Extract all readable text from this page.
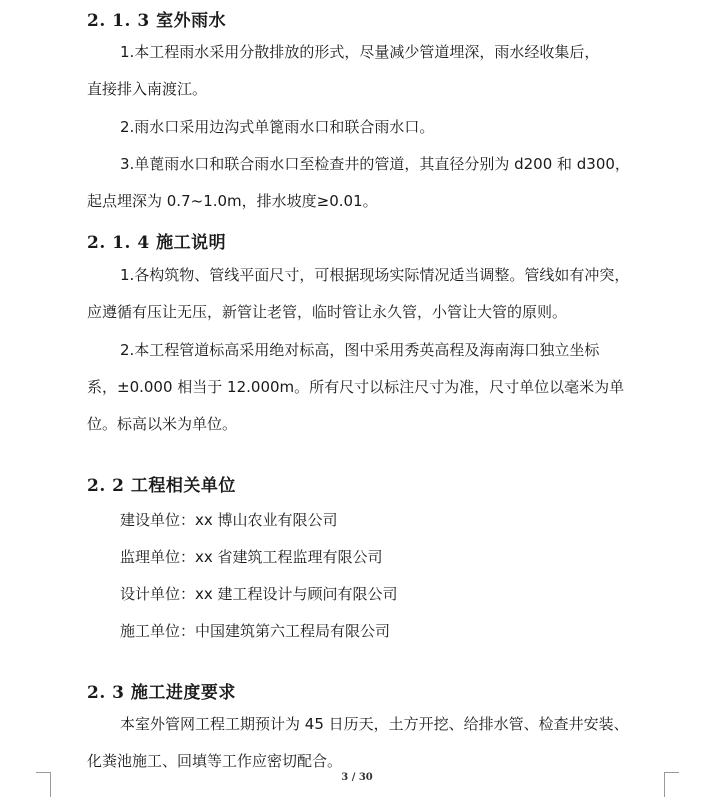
2. 1. 3 室外雨水
1.本工程雨水采用分散排放的形式，尽量减少管道埋深，雨水经收集后，
直接排入南渡江。
2.雨水口采用边沟式单篦雨水口和联合雨水口。
3.单蓖雨水口和联合雨水口至检查井的管道，其直径分别为 d200 和 d300，
起点埋深为 0.7~1.0m，排水坡度≥0.01。
2. 1. 4 施工说明
1.各构筑物、管线平面尺寸，可根据现场实际情况适当调整。管线如有冲突，
应遵循有压让无压，新管让老管，临时管让永久管，小管让大管的原则。
2.本工程管道标高采用绝对标高，图中采用秀英高程及海南海口独立坐标
系，±0.000 相当于 12.000m。所有尺寸以标注尺寸为准，尺寸单位以毫米为单
位。标高以米为单位。
2. 2 工程相关单位
建设单位：xx 博山农业有限公司
监理单位：xx 省建筑工程监理有限公司
设计单位：xx 建工程设计与顾问有限公司
施工单位：中国建筑第六工程局有限公司
2. 3 施工进度要求
本室外管网工程工期预计为 45 日历天，土方开挖、给排水管、检查井安装、
化粪池施工、回填等工作应密切配合。
3 / 30
